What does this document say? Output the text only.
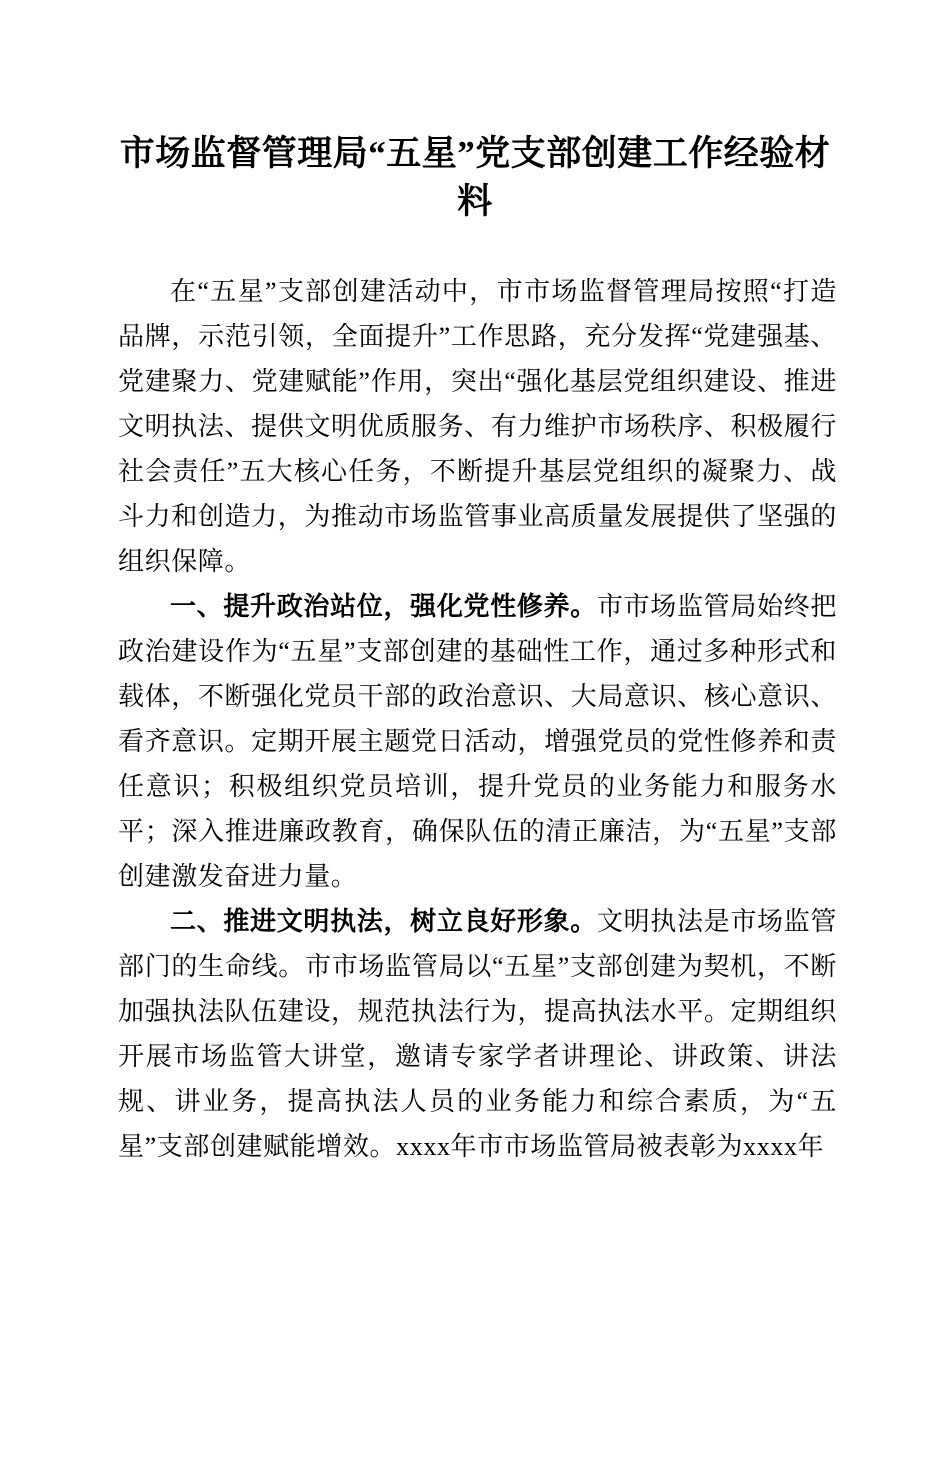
市场监督管理局“五星”党支部创建工作经验材料

在“五星”支部创建活动中，市市场监督管理局按照“打造品牌，示范引领，全面提升”工作思路，充分发挥“党建强基、党建聚力、党建赋能”作用，突出“强化基层党组织建设、推进文明执法、提供文明优质服务、有力维护市场秩序、积极履行社会责任”五大核心任务，不断提升基层党组织的凝聚力、战斗力和创造力，为推动市场监管事业高质量发展提供了坚强的组织保障。

一、提升政治站位，强化党性修养。市市场监管局始终把政治建设作为“五星”支部创建的基础性工作，通过多种形式和载体，不断强化党员干部的政治意识、大局意识、核心意识、看齐意识。定期开展主题党日活动，增强党员的党性修养和责任意识；积极组织党员培训，提升党员的业务能力和服务水平；深入推进廉政教育，确保队伍的清正廉洁，为“五星”支部创建激发奋进力量。

二、推进文明执法，树立良好形象。文明执法是市场监管部门的生命线。市市场监管局以“五星”支部创建为契机，不断加强执法队伍建设，规范执法行为，提高执法水平。定期组织开展市场监管大讲堂，邀请专家学者讲理论、讲政策、讲法规、讲业务，提高执法人员的业务能力和综合素质，为“五星”支部创建赋能增效。xxxx年市市场监管局被表彰为xxxx年
